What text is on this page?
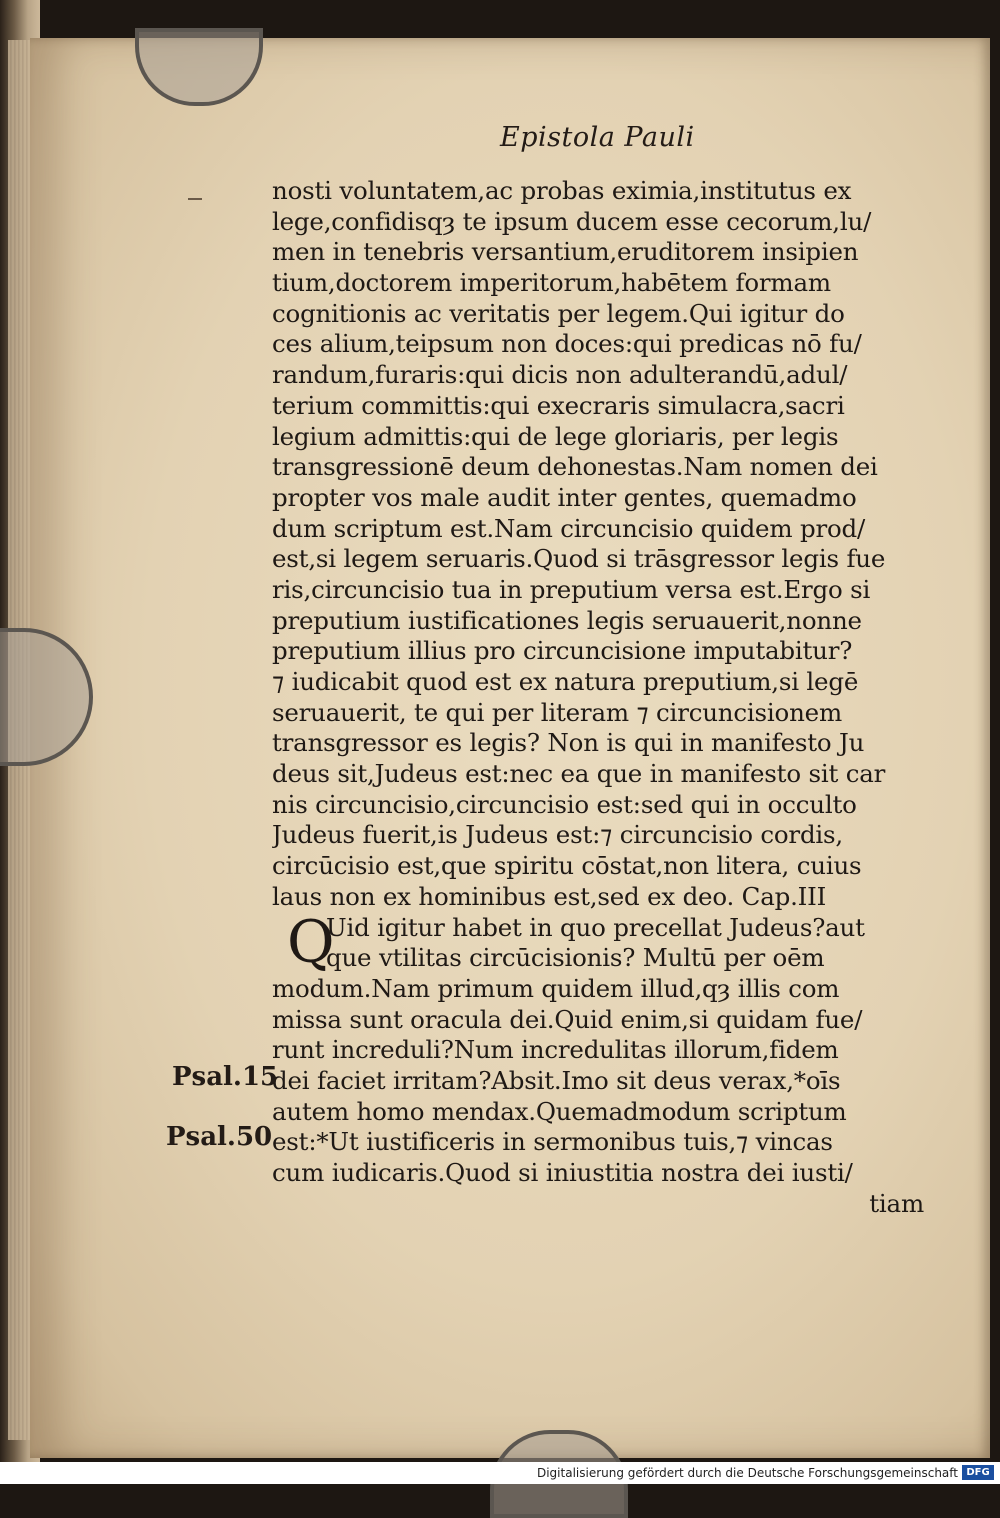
Epistola Pauli
nosti voluntatem,ac probas eximia,institutus ex
lege,confidisqȝ te ipsum ducem esse cecorum,lu/
men in tenebris versantium,eruditorem insipien
tium,doctorem imperitorum,habētem formam
cognitionis ac veritatis per legem.Qui igitur do
ces alium,teipsum non doces:qui predicas nō fu/
randum,furaris:qui dicis non adulterandū,adul/
terium committis:qui execraris simulacra,sacri
legium admittis:qui de lege gloriaris, per legis
transgressionē deum dehonestas.Nam nomen dei
propter vos male audit inter gentes, quemadmo
dum scriptum est.Nam circuncisio quidem prod/
est,si legem seruaris.Quod si trāsgressor legis fue
ris,circuncisio tua in preputium versa est.Ergo si
preputium iustificationes legis seruauerit,nonne
preputium illius pro circuncisione imputabitur?
⁊ iudicabit quod est ex natura preputium,si legē
seruauerit, te qui per literam ⁊ circuncisionem
transgressor es legis? Non is qui in manifesto Ju
deus sit,Judeus est:nec ea que in manifesto sit car
nis circuncisio,circuncisio est:sed qui in occulto
Judeus fuerit,is Judeus est:⁊ circuncisio cordis,
circūcisio est,que spiritu cōstat,non litera, cuius
laus non ex hominibus est,sed ex deo. Cap.III
Uid igitur habet in quo precellat Judeus?aut
que vtilitas circūcisionis? Multū per oēm
modum.Nam primum quidem illud,qȝ illis com
missa sunt oracula dei.Quid enim,si quidam fue/
runt increduli?Num incredulitas illorum,fidem
dei faciet irritam?Absit.Imo sit deus verax,*oīs
autem homo mendax.Quemadmodum scriptum
est:*Ut iustificeris in sermonibus tuis,⁊ vincas
cum iudicaris.Quod si iniustitia nostra dei iusti/
tiam
Q
Psal.15
Psal.50
Digitalisierung gefördert durch die Deutsche Forschungsgemeinschaft DFG
